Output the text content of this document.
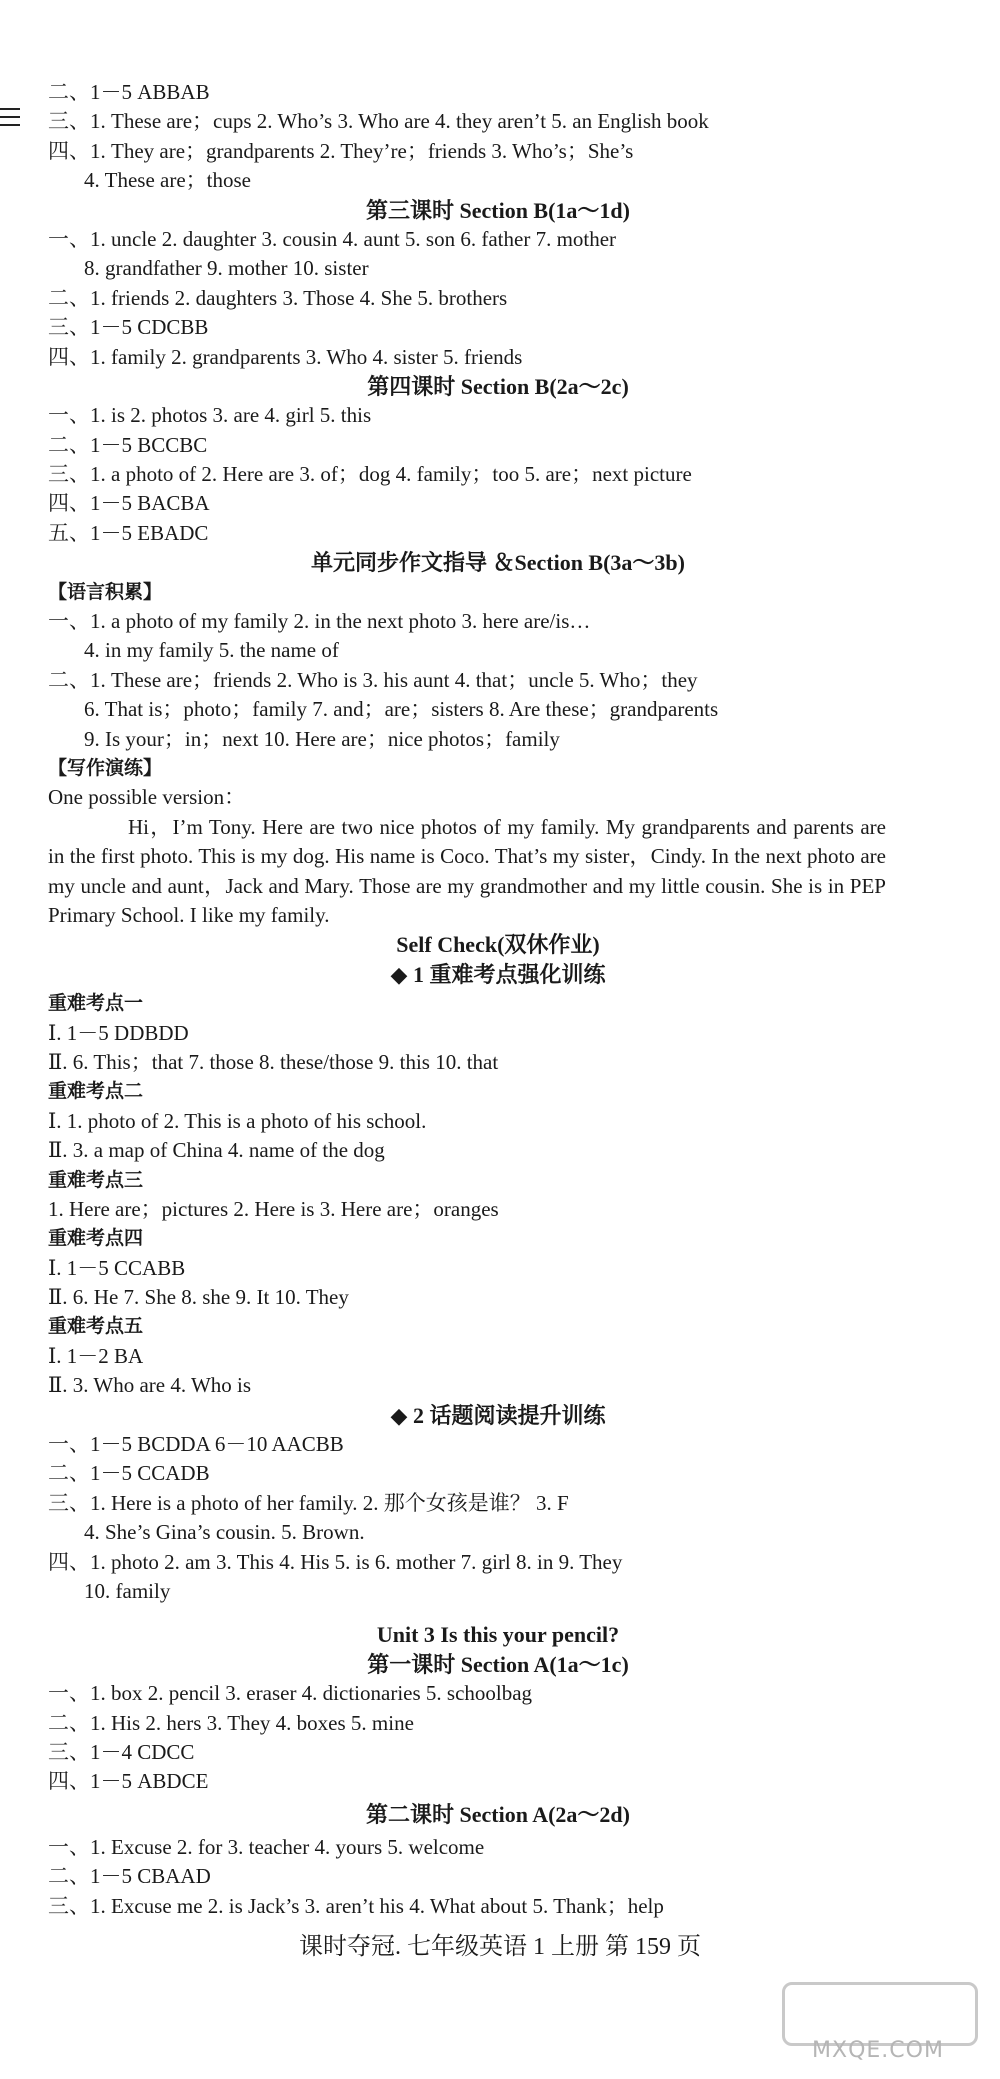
二、1－5 ABBAB
三、1. These are；cups 2. Who’s 3. Who are 4. they aren’t 5. an English book
四、1. They are；grandparents 2. They’re；friends 3. Who’s；She’s
4. These are；those
第三课时 Section B(1a～1d)
一、1. uncle 2. daughter 3. cousin 4. aunt 5. son 6. father 7. mother
8. grandfather 9. mother 10. sister
二、1. friends 2. daughters 3. Those 4. She 5. brothers
三、1－5 CDCBB
四、1. family 2. grandparents 3. Who 4. sister 5. friends
第四课时 Section B(2a～2c)
一、1. is 2. photos 3. are 4. girl 5. this
二、1－5 BCCBC
三、1. a photo of 2. Here are 3. of；dog 4. family；too 5. are；next picture
四、1－5 BACBA
五、1－5 EBADC
单元同步作文指导 ＆Section B(3a～3b)
【语言积累】
一、1. a photo of my family 2. in the next photo 3. here are/is…
4. in my family 5. the name of
二、1. These are；friends 2. Who is 3. his aunt 4. that；uncle 5. Who；they
6. That is；photo；family 7. and；are；sisters 8. Are these；grandparents
9. Is your；in；next 10. Here are；nice photos；family
【写作演练】
One possible version：
Hi，I’m Tony. Here are two nice photos of my family. My grandparents and parents are in the first photo. This is my dog. His name is Coco. That’s my sister，Cindy. In the next photo are my uncle and aunt，Jack and Mary. Those are my grandmother and my little cousin. She is in PEP Primary School. I like my family.
Self Check(双休作业)
◆ 1 重难考点强化训练
重难考点一
Ⅰ. 1－5 DDBDD
Ⅱ. 6. This；that 7. those 8. these/those 9. this 10. that
重难考点二
Ⅰ. 1. photo of 2. This is a photo of his school.
Ⅱ. 3. a map of China 4. name of the dog
重难考点三
1. Here are；pictures 2. Here is 3. Here are；oranges
重难考点四
Ⅰ. 1－5 CCABB
Ⅱ. 6. He 7. She 8. she 9. It 10. They
重难考点五
Ⅰ. 1－2 BA
Ⅱ. 3. Who are 4. Who is
◆ 2 话题阅读提升训练
一、1－5 BCDDA 6－10 AACBB
二、1－5 CCADB
三、1. Here is a photo of her family. 2. 那个女孩是谁？ 3. F
4. She’s Gina’s cousin. 5. Brown.
四、1. photo 2. am 3. This 4. His 5. is 6. mother 7. girl 8. in 9. They
10. family
Unit 3 Is this your pencil?
第一课时 Section A(1a～1c)
一、1. box 2. pencil 3. eraser 4. dictionaries 5. schoolbag
二、1. His 2. hers 3. They 4. boxes 5. mine
三、1－4 CDCC
四、1－5 ABDCE
第二课时 Section A(2a～2d)
一、1. Excuse 2. for 3. teacher 4. yours 5. welcome
二、1－5 CBAAD
三、1. Excuse me 2. is Jack’s 3. aren’t his 4. What about 5. Thank；help
课时夺冠. 七年级英语 1 上册 第 159 页
MXQE.COM
